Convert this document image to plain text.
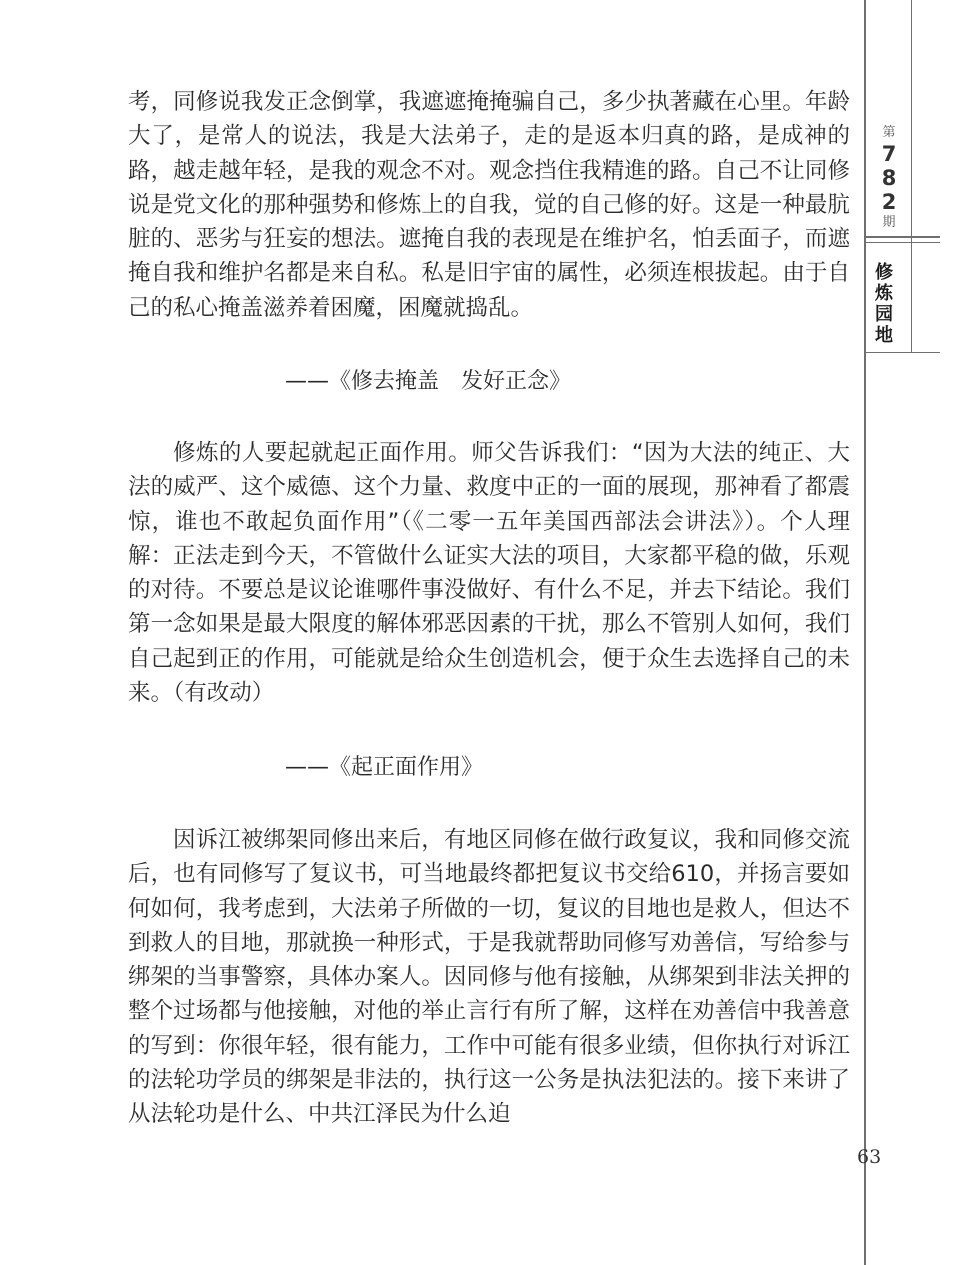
考，同修说我发正念倒掌，我遮遮掩掩骗自己，多少执著藏在心里。年龄大了，是常人的说法，我是大法弟子，走的是返本归真的路，是成神的路，越走越年轻，是我的观念不对。观念挡住我精進的路。自己不让同修说是党文化的那种强势和修炼上的自我，觉的自己修的好。这是一种最肮脏的、恶劣与狂妄的想法。遮掩自我的表现是在维护名，怕丢面子，而遮掩自我和维护名都是来自私。私是旧宇宙的属性，必须连根拔起。由于自己的私心掩盖滋养着困魔，困魔就捣乱。

——《修去掩盖　发好正念》

修炼的人要起就起正面作用。师父告诉我们：“因为大法的纯正、大法的威严、这个威德、这个力量、救度中正的一面的展现，那神看了都震惊，谁也不敢起负面作用”（《二零一五年美国西部法会讲法》）。个人理解：正法走到今天，不管做什么证实大法的项目，大家都平稳的做，乐观的对待。不要总是议论谁哪件事没做好、有什么不足，并去下结论。我们第一念如果是最大限度的解体邪恶因素的干扰，那么不管别人如何，我们自己起到正的作用，可能就是给众生创造机会，便于众生去选择自己的未来。（有改动）

——《起正面作用》

因诉江被绑架同修出来后，有地区同修在做行政复议，我和同修交流后，也有同修写了复议书，可当地最终都把复议书交给610，并扬言要如何如何，我考虑到，大法弟子所做的一切，复议的目地也是救人，但达不到救人的目地，那就换一种形式，于是我就帮助同修写劝善信，写给参与绑架的当事警察，具体办案人。因同修与他有接触，从绑架到非法关押的整个过场都与他接触，对他的举止言行有所了解，这样在劝善信中我善意的写到：你很年轻，很有能力，工作中可能有很多业绩，但你执行对诉江的法轮功学员的绑架是非法的，执行这一公务是执法犯法的。接下来讲了从法轮功是什么、中共江泽民为什么迫

第
7
8
2
期
修炼园地
63
